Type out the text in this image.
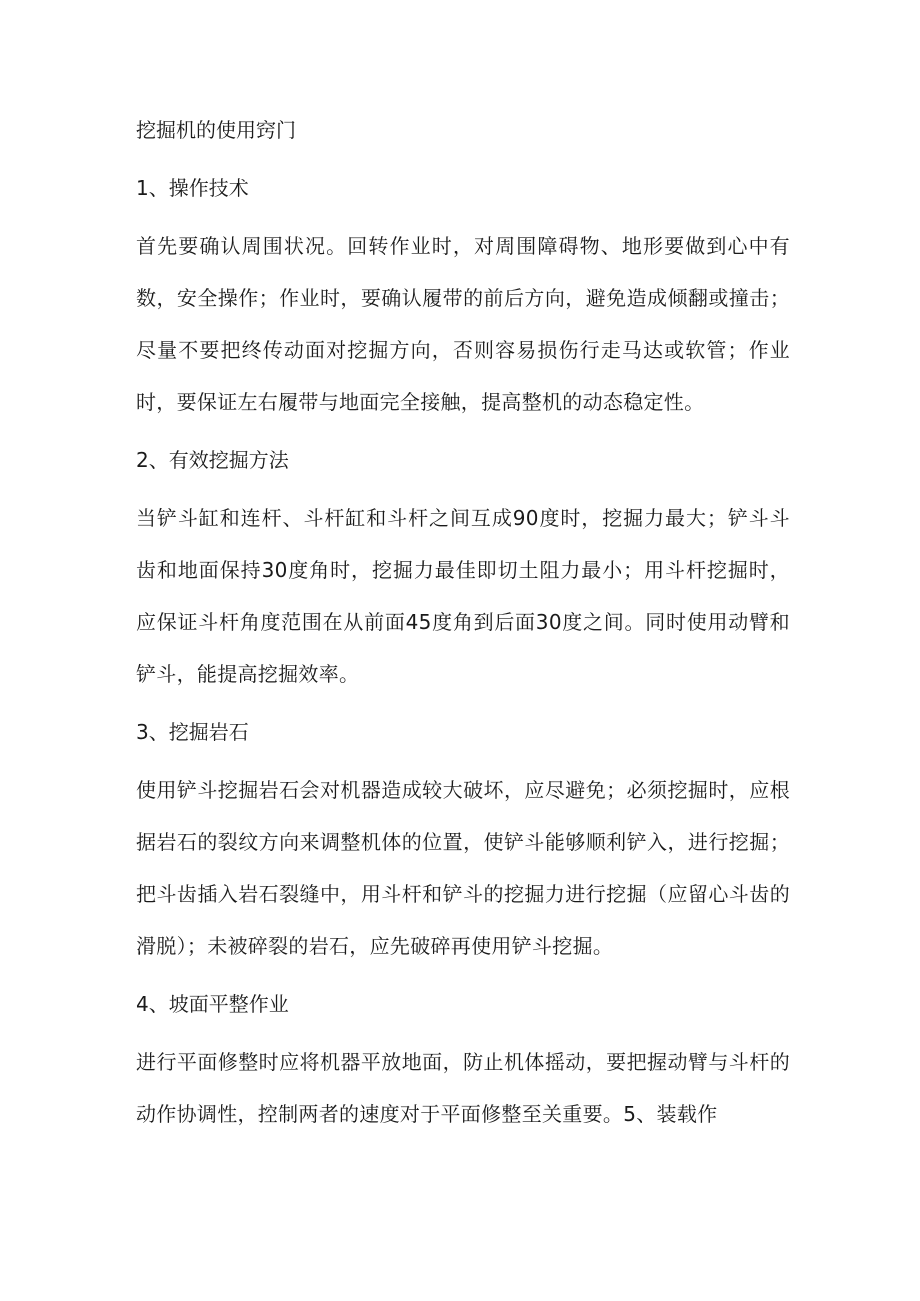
挖掘机的使用窍门
1、操作技术
首先要确认周围状况。回转作业时，对周围障碍物、地形要做到心中有数，安全操作；作业时，要确认履带的前后方向，避免造成倾翻或撞击；尽量不要把终传动面对挖掘方向，否则容易损伤行走马达或软管；作业时，要保证左右履带与地面完全接触，提高整机的动态稳定性。
2、有效挖掘方法
当铲斗缸和连杆、斗杆缸和斗杆之间互成90度时，挖掘力最大；铲斗斗齿和地面保持30度角时，挖掘力最佳即切土阻力最小；用斗杆挖掘时，应保证斗杆角度范围在从前面45度角到后面30度之间。同时使用动臂和铲斗，能提高挖掘效率。
3、挖掘岩石
使用铲斗挖掘岩石会对机器造成较大破坏，应尽避免；必须挖掘时，应根据岩石的裂纹方向来调整机体的位置，使铲斗能够顺利铲入，进行挖掘；把斗齿插入岩石裂缝中，用斗杆和铲斗的挖掘力进行挖掘（应留心斗齿的滑脱）；未被碎裂的岩石，应先破碎再使用铲斗挖掘。
4、坡面平整作业
进行平面修整时应将机器平放地面，防止机体摇动，要把握动臂与斗杆的动作协调性，控制两者的速度对于平面修整至关重要。5、装载作
